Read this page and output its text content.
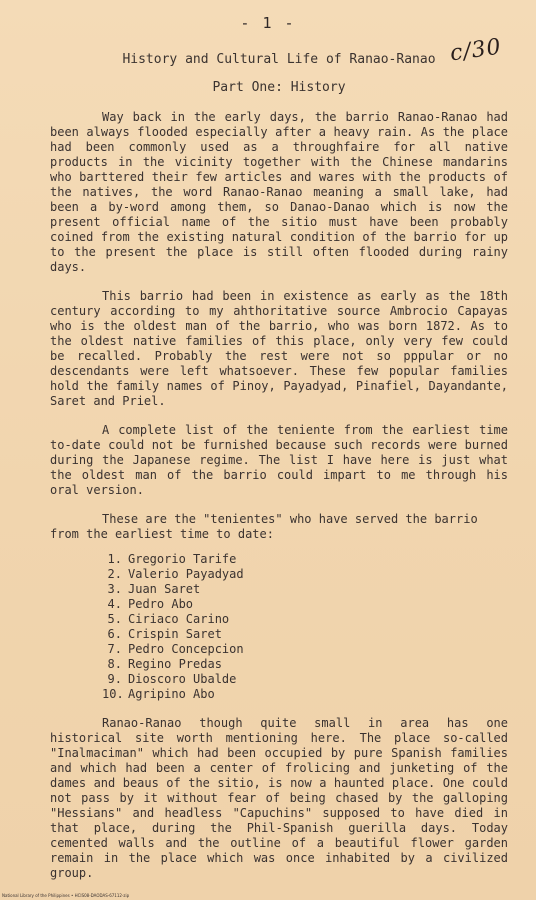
- 1 -
c/30
History and Cultural Life of Ranao-Ranao
Part One: History

Way back in the early days, the barrio Ranao-Ranao had been always flooded especially after a heavy rain. As the place had been commonly used as a throughfaire for all native products in the vicinity together with the Chinese mandarins who barttered their few articles and wares with the products of the natives, the word Ranao-Ranao meaning a small lake, had been a by-word among them, so Danao-Danao which is now the present official name of the sitio must have been probably coined from the existing natural condition of the barrio for up to the present the place is still often flooded during rainy days.

This barrio had been in existence as early as the 18th century according to my ahthoritative source Ambrocio Capayas who is the oldest man of the barrio, who was born 1872. As to the oldest native families of this place, only very few could be recalled. Probably the rest were not so pppular or no descendants were left whatsoever. These few popular families hold the family names of Pinoy, Payadyad, Pinafiel, Dayandante, Saret and Priel.

A complete list of the teniente from the earliest time to-date could not be furnished because such records were burned during the Japanese regime. The list I have here is just what the oldest man of the barrio could impart to me through his oral version.

These are the "tenientes" who have served the barrio from the earliest time to date:

1. Gregorio Tarife
2. Valerio Payadyad
3. Juan Saret
4. Pedro Abo
5. Ciriaco Carino
6. Crispin Saret
7. Pedro Concepcion
8. Regino Predas
9. Dioscoro Ubalde
10. Agripino Abo

Ranao-Ranao though quite small in area has one historical site worth mentioning here. The place so-called "Inalmaciman" which had been occupied by pure Spanish families and which had been a center of frolicing and junketing of the dames and beaus of the sitio, is now a haunted place. One could not pass by it without fear of being chased by the galloping "Hessians" and headless "Capuchins" supposed to have died in that place, during the Phil-Spanish guerilla days. Today cemented walls and the outline of a beautiful flower garden remain in the place which was once inhabited by a civilized group.

National Library of the Philippines • HCIS08-DAODAS-67112-zip
